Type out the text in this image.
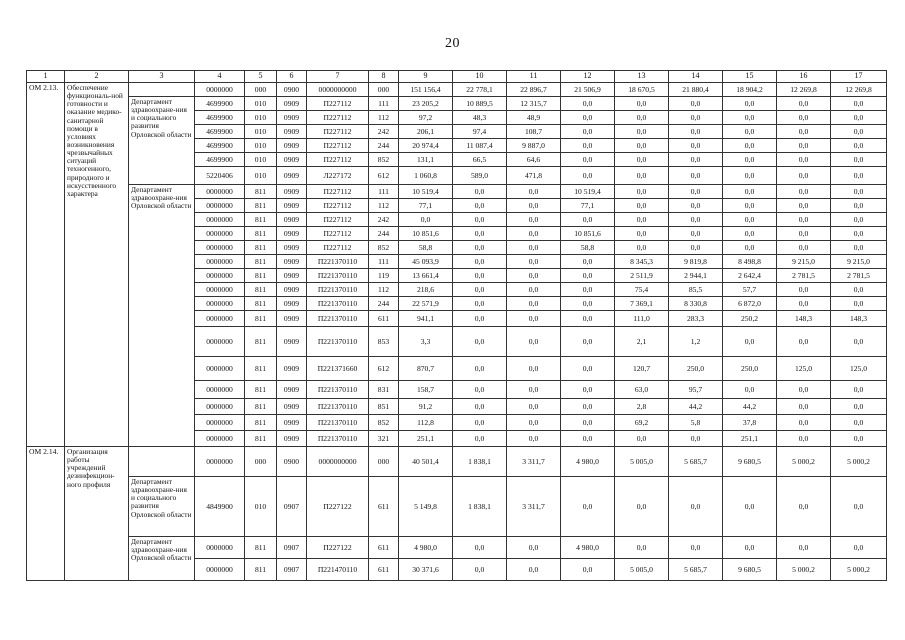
20
1	2	3	4	5	6	7	8	9	10	11	12	13	14	15	16	17
ОМ 2.13.	Обеспечение функциональ-ной готовности и оказание медико-санитарной помощи в условиях возникновения чрезвычайных ситуаций техногенного, природного и искусственного характера		0000000	000	0900	0000000000	000	151 156,4	22 778,1	22 896,7	21 506,9	18 670,5	21 880,4	18 904,2	12 269,8	12 269,8
		Департамент здравоохране-ния и социального развития Орловской области	4699900	010	0909	П227112	111	23 205,2	10 889,5	12 315,7	0,0	0,0	0,0	0,0	0,0	0,0
			4699900	010	0909	П227112	112	97,2	48,3	48,9	0,0	0,0	0,0	0,0	0,0	0,0
			4699900	010	0909	П227112	242	206,1	97,4	108,7	0,0	0,0	0,0	0,0	0,0	0,0
			4699900	010	0909	П227112	244	20 974,4	11 087,4	9 887,0	0,0	0,0	0,0	0,0	0,0	0,0
			4699900	010	0909	П227112	852	131,1	66,5	64,6	0,0	0,0	0,0	0,0	0,0	0,0
			5220406	010	0909	Л227172	612	1 060,8	589,0	471,8	0,0	0,0	0,0	0,0	0,0	0,0
		Департамент здравоохране-ния Орловской области	0000000	811	0909	П227112	111	10 519,4	0,0	0,0	10 519,4	0,0	0,0	0,0	0,0	0,0
			0000000	811	0909	П227112	112	77,1	0,0	0,0	77,1	0,0	0,0	0,0	0,0	0,0
			0000000	811	0909	П227112	242	0,0	0,0	0,0	0,0	0,0	0,0	0,0	0,0	0,0
			0000000	811	0909	П227112	244	10 851,6	0,0	0,0	10 851,6	0,0	0,0	0,0	0,0	0,0
			0000000	811	0909	П227112	852	58,8	0,0	0,0	58,8	0,0	0,0	0,0	0,0	0,0
			0000000	811	0909	П221370110	111	45 093,9	0,0	0,0	0,0	8 345,3	9 819,8	8 498,8	9 215,0	9 215,0
			0000000	811	0909	П221370110	119	13 661,4	0,0	0,0	0,0	2 511,9	2 944,1	2 642,4	2 781,5	2 781,5
			0000000	811	0909	П221370110	112	218,6	0,0	0,0	0,0	75,4	85,5	57,7	0,0	0,0
			0000000	811	0909	П221370110	244	22 571,9	0,0	0,0	0,0	7 369,1	8 330,8	6 872,0	0,0	0,0
			0000000	811	0909	П221370110	611	941,1	0,0	0,0	0,0	111,0	283,3	250,2	148,3	148,3
			0000000	811	0909	П221370110	853	3,3	0,0	0,0	0,0	2,1	1,2	0,0	0,0	0,0
			0000000	811	0909	П221371660	612	870,7	0,0	0,0	0,0	120,7	250,0	250,0	125,0	125,0
			0000000	811	0909	П221370110	831	158,7	0,0	0,0	0,0	63,0	95,7	0,0	0,0	0,0
			0000000	811	0909	П221370110	851	91,2	0,0	0,0	0,0	2,8	44,2	44,2	0,0	0,0
			0000000	811	0909	П221370110	852	112,8	0,0	0,0	0,0	69,2	5,8	37,8	0,0	0,0
			0000000	811	0909	П221370110	321	251,1	0,0	0,0	0,0	0,0	0,0	251,1	0,0	0,0
ОМ 2.14.	Организация работы учреждений дезинфекцион-ного профиля		0000000	000	0900	0000000000	000	40 501,4	1 838,1	3 311,7	4 980,0	5 005,0	5 685,7	9 680,5	5 000,2	5 000,2
		Департамент здравоохране-ния и социального развития Орловской области	4849900	010	0907	П227122	611	5 149,8	1 838,1	3 311,7	0,0	0,0	0,0	0,0	0,0	0,0
		Департамент здравоохране-ния Орловской области	0000000	811	0907	П227122	611	4 980,0	0,0	0,0	4 980,0	0,0	0,0	0,0	0,0	0,0
			0000000	811	0907	П221470110	611	30 371,6	0,0	0,0	0,0	5 005,0	5 685,7	9 680,5	5 000,2	5 000,2
